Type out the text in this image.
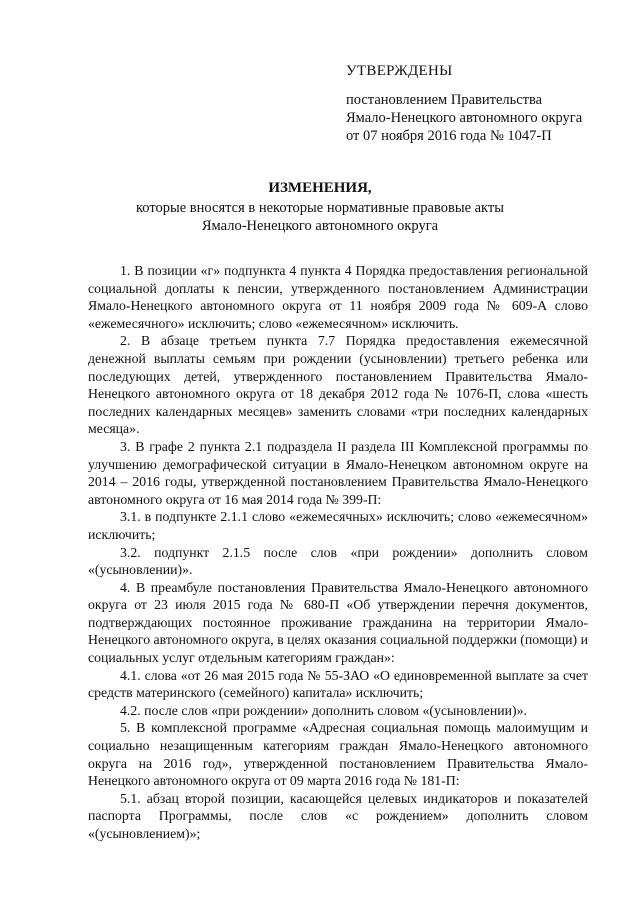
УТВЕРЖДЕНЫ
постановлением Правительства
Ямало-Ненецкого автономного округа
от 07 ноября 2016 года № 1047-П
ИЗМЕНЕНИЯ,
которые вносятся в некоторые нормативные правовые акты
Ямало-Ненецкого автономного округа

1. В позиции «г» подпункта 4 пункта 4 Порядка предоставления региональной социальной доплаты к пенсии, утвержденного постановлением Администрации Ямало-Ненецкого автономного округа от 11 ноября 2009 года № 609-А слово «ежемесячного» исключить; слово «ежемесячном» исключить.

2. В абзаце третьем пункта 7.7 Порядка предоставления ежемесячной денежной выплаты семьям при рождении (усыновлении) третьего ребенка или последующих детей, утвержденного постановлением Правительства Ямало-Ненецкого автономного округа от 18 декабря 2012 года № 1076-П, слова «шесть последних календарных месяцев» заменить словами «три последних календарных месяца».

3. В графе 2 пункта 2.1 подраздела II раздела III Комплексной программы по улучшению демографической ситуации в Ямало-Ненецком автономном округе на 2014 – 2016 годы, утвержденной постановлением Правительства Ямало-Ненецкого автономного округа от 16 мая 2014 года № 399-П:

3.1. в подпункте 2.1.1 слово «ежемесячных» исключить; слово «ежемесячном» исключить;

3.2. подпункт 2.1.5 после слов «при рождении» дополнить словом «(усыновлении)».

4. В преамбуле постановления Правительства Ямало-Ненецкого автономного округа от 23 июля 2015 года № 680-П «Об утверждении перечня документов, подтверждающих постоянное проживание гражданина на территории Ямало-Ненецкого автономного округа, в целях оказания социальной поддержки (помощи) и социальных услуг отдельным категориям граждан»:

4.1. слова «от 26 мая 2015 года № 55-ЗАО «О единовременной выплате за счет средств материнского (семейного) капитала» исключить;

4.2. после слов «при рождении» дополнить словом «(усыновлении)».

5. В комплексной программе «Адресная социальная помощь малоимущим и социально незащищенным категориям граждан Ямало-Ненецкого автономного округа на 2016 год», утвержденной постановлением Правительства Ямало-Ненецкого автономного округа от 09 марта 2016 года № 181-П:

5.1. абзац второй позиции, касающейся целевых индикаторов и показателей паспорта Программы, после слов «с рождением» дополнить словом «(усыновлением)»;
